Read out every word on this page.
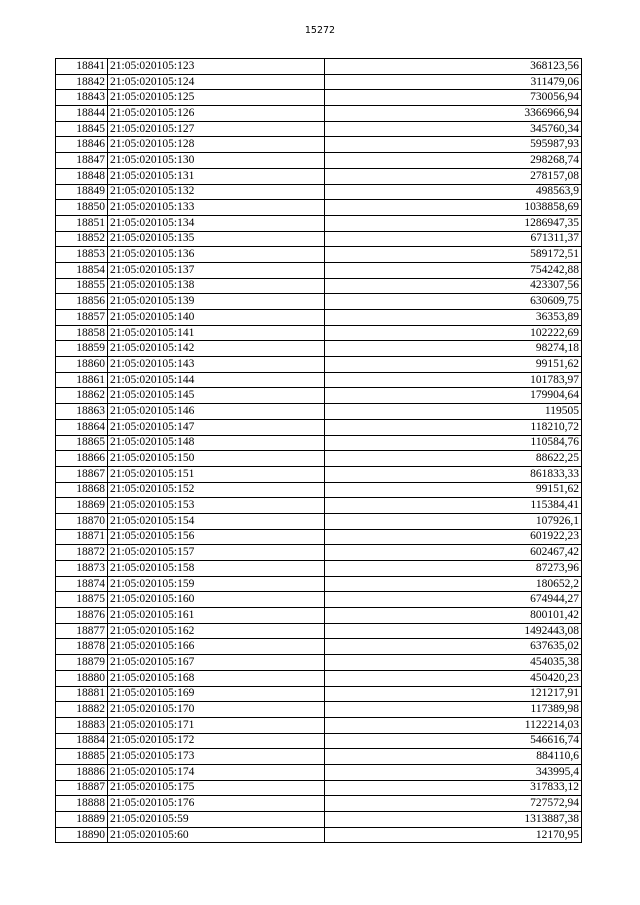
15272
18841	21:05:020105:123	368123,56
18842	21:05:020105:124	311479,06
18843	21:05:020105:125	730056,94
18844	21:05:020105:126	3366966,94
18845	21:05:020105:127	345760,34
18846	21:05:020105:128	595987,93
18847	21:05:020105:130	298268,74
18848	21:05:020105:131	278157,08
18849	21:05:020105:132	498563,9
18850	21:05:020105:133	1038858,69
18851	21:05:020105:134	1286947,35
18852	21:05:020105:135	671311,37
18853	21:05:020105:136	589172,51
18854	21:05:020105:137	754242,88
18855	21:05:020105:138	423307,56
18856	21:05:020105:139	630609,75
18857	21:05:020105:140	36353,89
18858	21:05:020105:141	102222,69
18859	21:05:020105:142	98274,18
18860	21:05:020105:143	99151,62
18861	21:05:020105:144	101783,97
18862	21:05:020105:145	179904,64
18863	21:05:020105:146	119505
18864	21:05:020105:147	118210,72
18865	21:05:020105:148	110584,76
18866	21:05:020105:150	88622,25
18867	21:05:020105:151	861833,33
18868	21:05:020105:152	99151,62
18869	21:05:020105:153	115384,41
18870	21:05:020105:154	107926,1
18871	21:05:020105:156	601922,23
18872	21:05:020105:157	602467,42
18873	21:05:020105:158	87273,96
18874	21:05:020105:159	180652,2
18875	21:05:020105:160	674944,27
18876	21:05:020105:161	800101,42
18877	21:05:020105:162	1492443,08
18878	21:05:020105:166	637635,02
18879	21:05:020105:167	454035,38
18880	21:05:020105:168	450420,23
18881	21:05:020105:169	121217,91
18882	21:05:020105:170	117389,98
18883	21:05:020105:171	1122214,03
18884	21:05:020105:172	546616,74
18885	21:05:020105:173	884110,6
18886	21:05:020105:174	343995,4
18887	21:05:020105:175	317833,12
18888	21:05:020105:176	727572,94
18889	21:05:020105:59	1313887,38
18890	21:05:020105:60	12170,95
